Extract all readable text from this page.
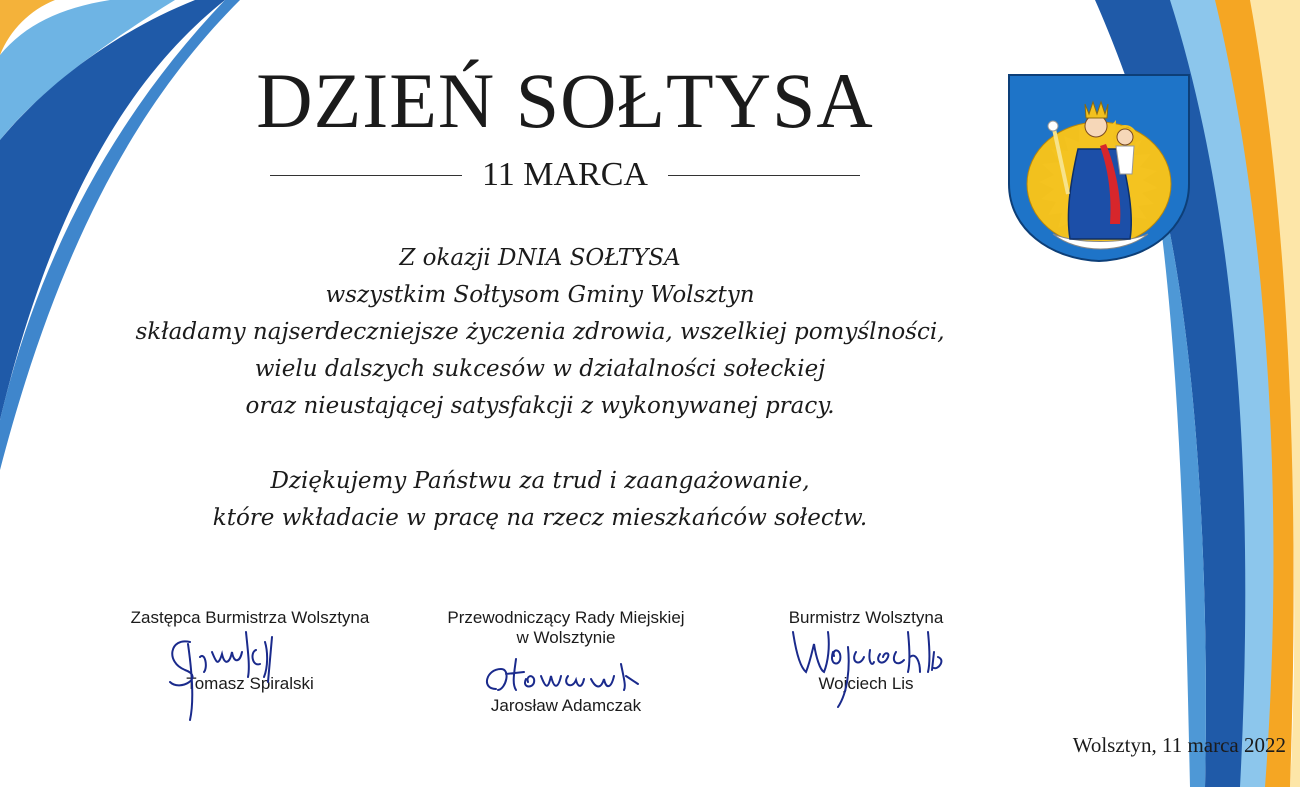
DZIEŃ SOŁTYSA
11 MARCA

Z okazji DNIA SOŁTYSA

wszystkim Sołtysom Gminy Wolsztyn

składamy najserdeczniejsze życzenia zdrowia, wszelkiej pomyślności,

wielu dalszych sukcesów w działalności sołeckiej

oraz nieustającej satysfakcji z wykonywanej pracy.

Dziękujemy Państwu za trud i zaangażowanie,

które wkładacie w pracę na rzecz mieszkańców sołectw.

Zastępca Burmistrza Wolsztyna
Tomasz Spiralski
Przewodniczący Rady Miejskiej
w Wolsztynie
Jarosław Adamczak
Burmistrz Wolsztyna
Wojciech Lis
Wolsztyn, 11 marca 2022
